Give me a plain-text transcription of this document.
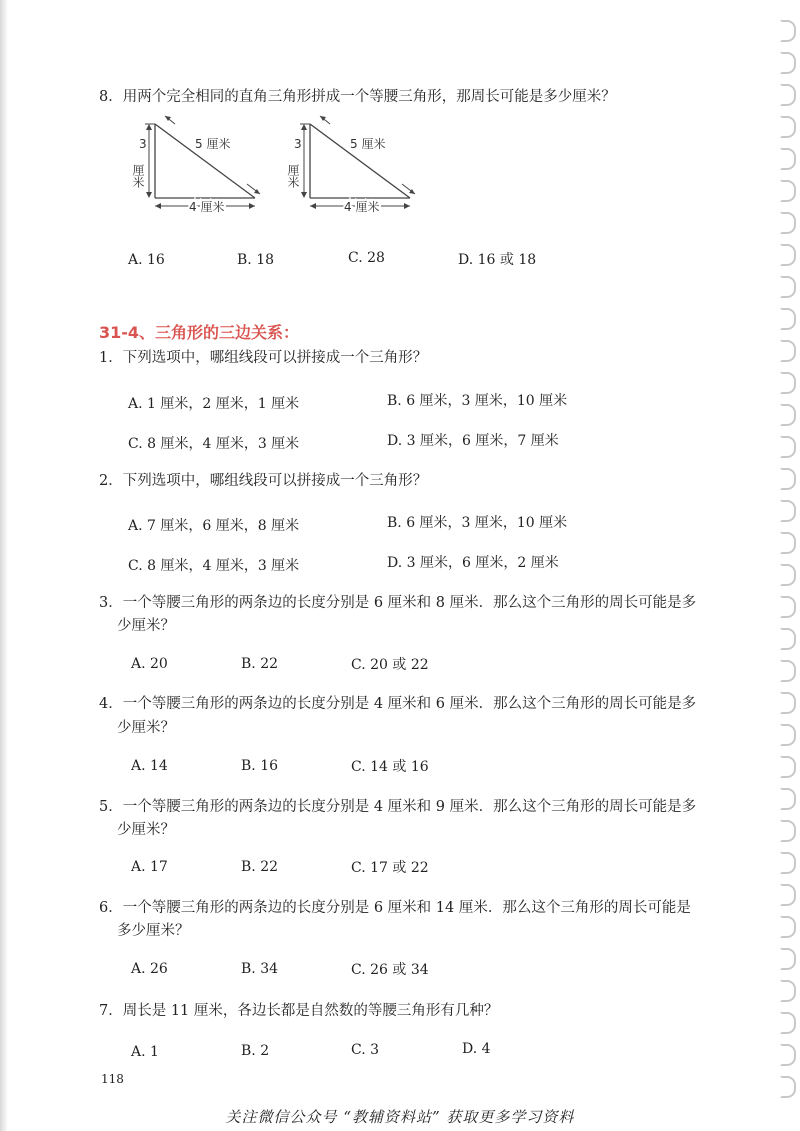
8．用两个完全相同的直角三角形拼成一个等腰三角形，那周长可能是多少厘米？
3
厘米
5 厘米
4 厘米
3
厘米
5 厘米
4 厘米
A. 16	B. 18	C. 28	D. 16 或 18
31-4、三角形的三边关系：
1．下列选项中，哪组线段可以拼接成一个三角形？
A. 1 厘米，2 厘米，1 厘米	B. 6 厘米，3 厘米，10 厘米
C. 8 厘米，4 厘米，3 厘米	D. 3 厘米，6 厘米，7 厘米
2．下列选项中，哪组线段可以拼接成一个三角形？
A. 7 厘米，6 厘米，8 厘米	B. 6 厘米，3 厘米，10 厘米
C. 8 厘米，4 厘米，3 厘米	D. 3 厘米，6 厘米，2 厘米
3．一个等腰三角形的两条边的长度分别是 6 厘米和 8 厘米．那么这个三角形的周长可能是多
少厘米？
A. 20	B. 22	C. 20 或 22
4．一个等腰三角形的两条边的长度分别是 4 厘米和 6 厘米．那么这个三角形的周长可能是多
少厘米？
A. 14	B. 16	C. 14 或 16
5．一个等腰三角形的两条边的长度分别是 4 厘米和 9 厘米．那么这个三角形的周长可能是多
少厘米？
A. 17	B. 22	C. 17 或 22
6．一个等腰三角形的两条边的长度分别是 6 厘米和 14 厘米．那么这个三角形的周长可能是
多少厘米？
A. 26	B. 34	C. 26 或 34
7．周长是 11 厘米，各边长都是自然数的等腰三角形有几种？
A. 1	B. 2	C. 3	D. 4
118
关注微信公众号 “教辅资料站” 获取更多学习资料
